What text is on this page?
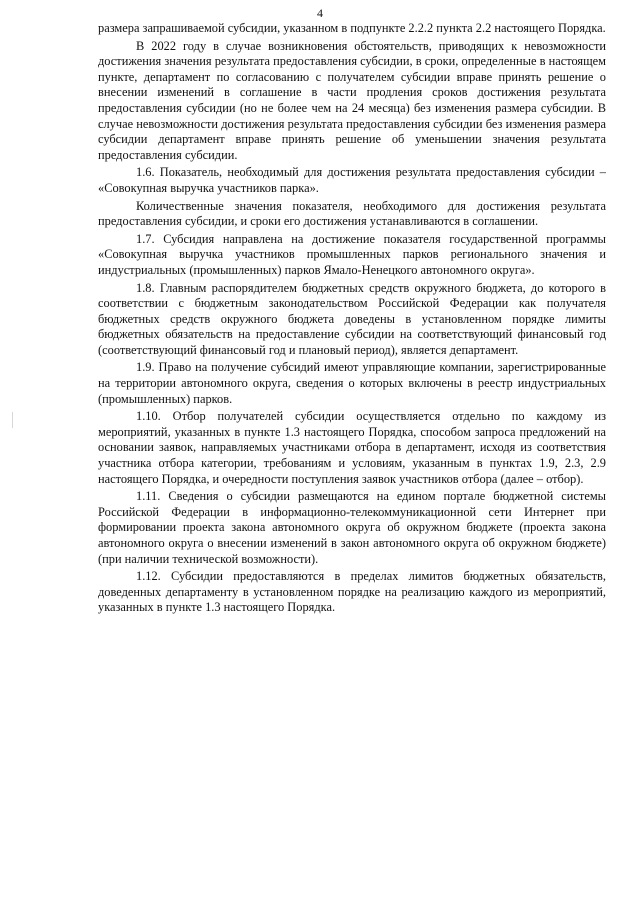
4

размера запрашиваемой субсидии, указанном в подпункте 2.2.2 пункта 2.2 настоящего Порядка.

В 2022 году в случае возникновения обстоятельств, приводящих к невозможности достижения значения результата предоставления субсидии, в сроки, определенные в настоящем пункте, департамент по согласованию с получателем субсидии вправе принять решение о внесении изменений в соглашение в части продления сроков достижения результата предоставления субсидии (но не более чем на 24 месяца) без изменения размера субсидии. В случае невозможности достижения результата предоставления субсидии без изменения размера субсидии департамент вправе принять решение об уменьшении значения результата предоставления субсидии.

1.6. Показатель, необходимый для достижения результата предоставления субсидии – «Совокупная выручка участников парка».

Количественные значения показателя, необходимого для достижения результата предоставления субсидии, и сроки его достижения устанавливаются в соглашении.

1.7. Субсидия направлена на достижение показателя государственной программы «Совокупная выручка участников промышленных парков регионального значения и индустриальных (промышленных) парков Ямало-Ненецкого автономного округа».

1.8. Главным распорядителем бюджетных средств окружного бюджета, до которого в соответствии с бюджетным законодательством Российской Федерации как получателя бюджетных средств окружного бюджета доведены в установленном порядке лимиты бюджетных обязательств на предоставление субсидии на соответствующий финансовый год (соответствующий финансовый год и плановый период), является департамент.

1.9. Право на получение субсидий имеют управляющие компании, зарегистрированные на территории автономного округа, сведения о которых включены в реестр индустриальных (промышленных) парков.

1.10. Отбор получателей субсидии осуществляется отдельно по каждому из мероприятий, указанных в пункте 1.3 настоящего Порядка, способом запроса предложений на основании заявок, направляемых участниками отбора в департамент, исходя из соответствия участника отбора категории, требованиям и условиям, указанным в пунктах 1.9, 2.3, 2.9 настоящего Порядка, и очередности поступления заявок участников отбора (далее – отбор).

1.11. Сведения о субсидии размещаются на едином портале бюджетной системы Российской Федерации в информационно-телекоммуникационной сети Интернет при формировании проекта закона автономного округа об окружном бюджете (проекта закона автономного округа о внесении изменений в закон автономного округа об окружном бюджете) (при наличии технической возможности).

1.12. Субсидии предоставляются в пределах лимитов бюджетных обязательств, доведенных департаменту в установленном порядке на реализацию каждого из мероприятий, указанных в пункте 1.3 настоящего Порядка.
